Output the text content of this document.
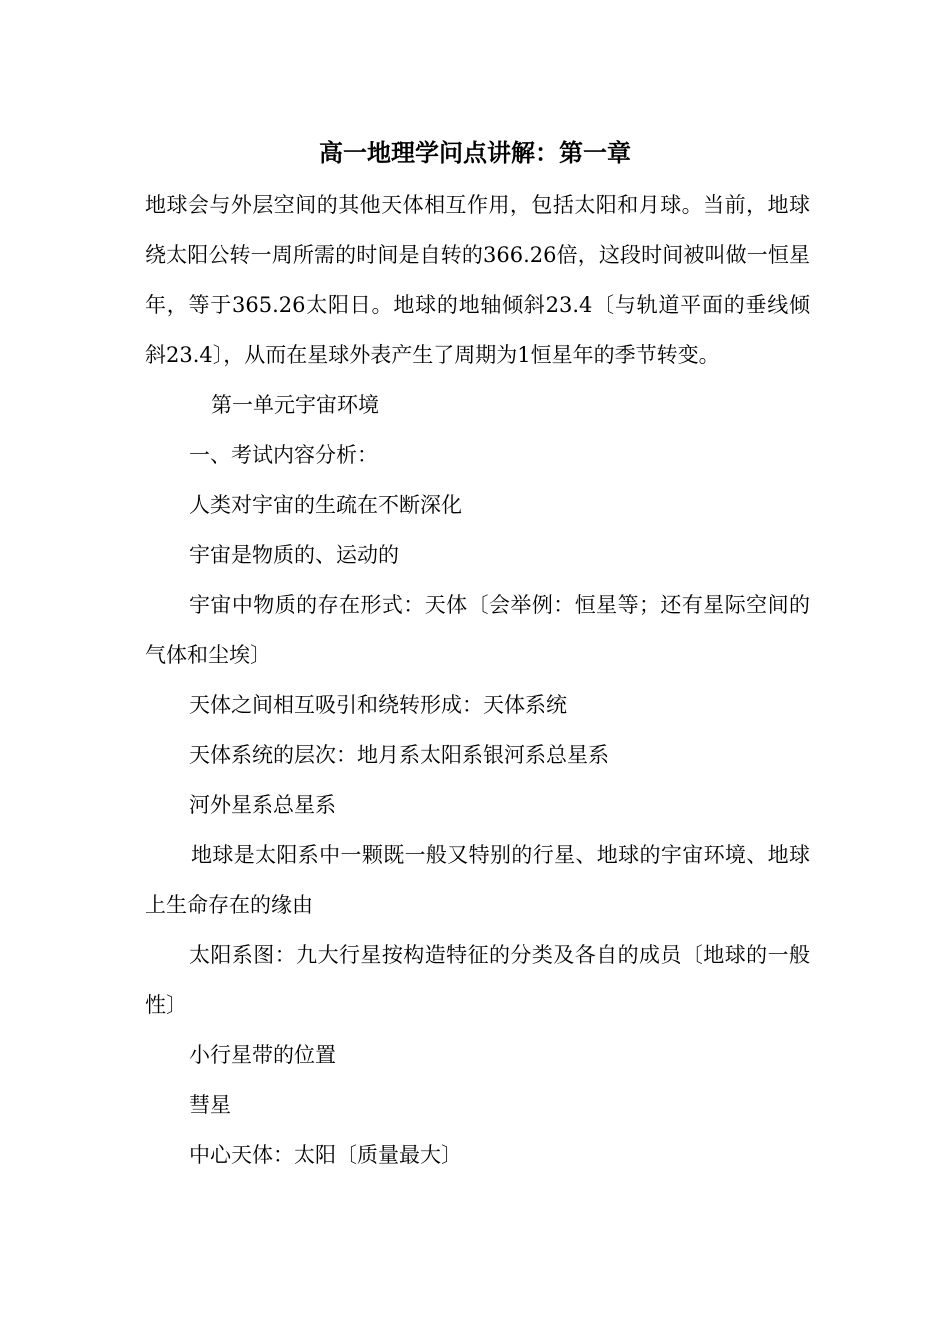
高一地理学问点讲解：第一章

地球会与外层空间的其他天体相互作用，包括太阳和月球。当前，地球绕太阳公转一周所需的时间是自转的366.26倍，这段时间被叫做一恒星年，等于365.26太阳日。地球的地轴倾斜23.4〔与轨道平面的垂线倾斜23.4〕，从而在星球外表产生了周期为1恒星年的季节转变。

第一单元宇宙环境

一、考试内容分析：

人类对宇宙的生疏在不断深化

宇宙是物质的、运动的

宇宙中物质的存在形式：天体〔会举例：恒星等；还有星际空间的气体和尘埃〕

天体之间相互吸引和绕转形成：天体系统

天体系统的层次：地月系太阳系银河系总星系

河外星系总星系

地球是太阳系中一颗既一般又特别的行星、地球的宇宙环境、地球上生命存在的缘由

太阳系图：九大行星按构造特征的分类及各自的成员〔地球的一般性〕

小行星带的位置

彗星

中心天体：太阳〔质量最大〕
